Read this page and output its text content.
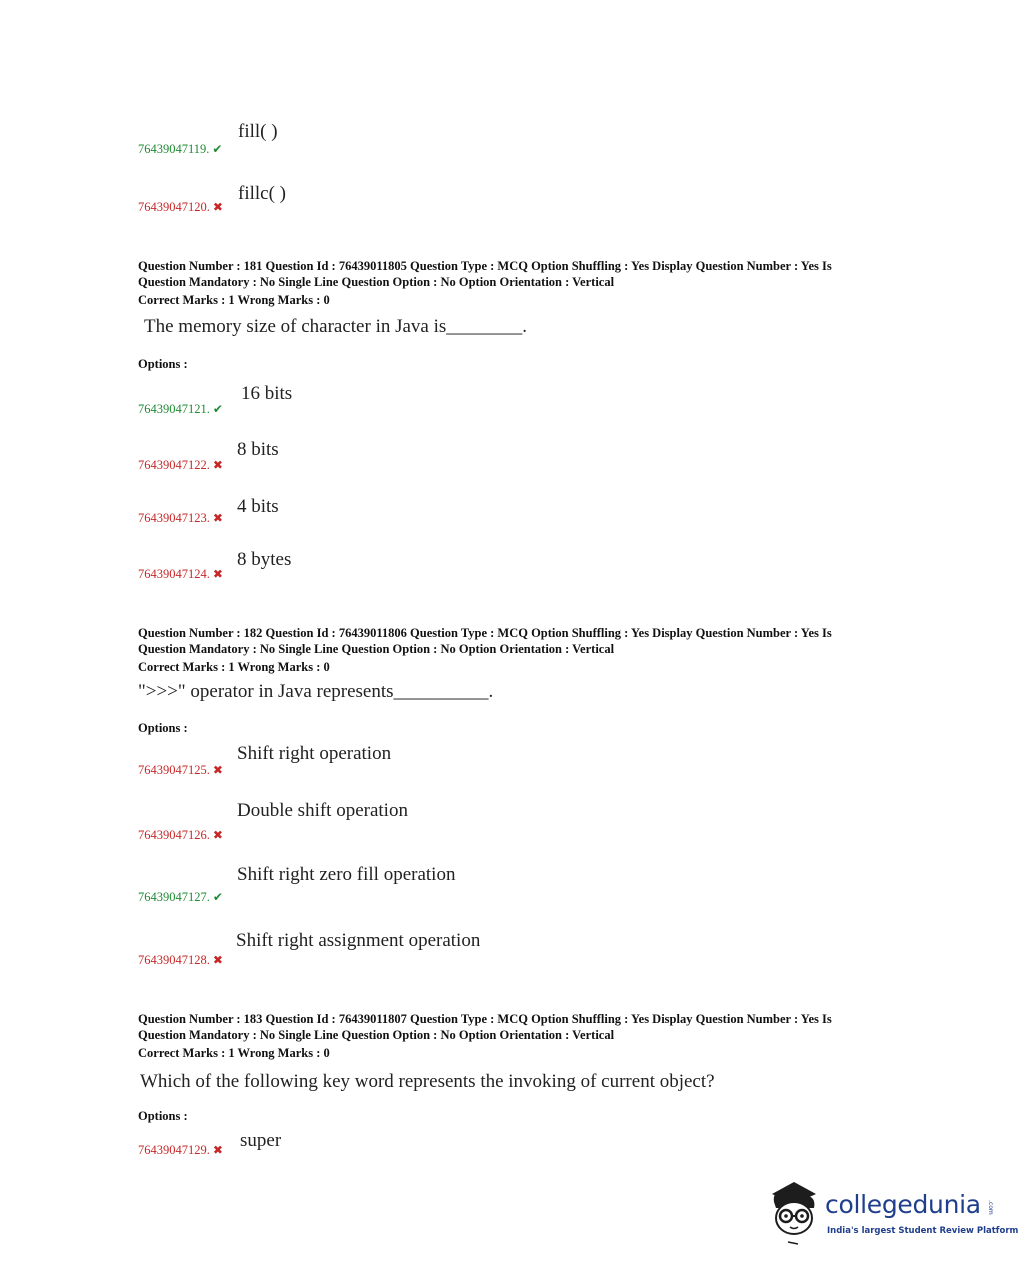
fill( )
76439047119. ✔
fillc( )
76439047120. ✖
Question Number : 181 Question Id : 76439011805 Question Type : MCQ Option Shuffling : Yes Display Question Number : Yes Is
Question Mandatory : No Single Line Question Option : No Option Orientation : Vertical
Correct Marks : 1 Wrong Marks : 0
The memory size of character in Java is________.
Options :
16 bits
76439047121. ✔
8 bits
76439047122. ✖
4 bits
76439047123. ✖
8 bytes
76439047124. ✖
Question Number : 182 Question Id : 76439011806 Question Type : MCQ Option Shuffling : Yes Display Question Number : Yes Is
Question Mandatory : No Single Line Question Option : No Option Orientation : Vertical
Correct Marks : 1 Wrong Marks : 0
">>>" operator in Java represents__________.
Options :
Shift right operation
76439047125. ✖
Double shift operation
76439047126. ✖
Shift right zero fill operation
76439047127. ✔
Shift right assignment operation
76439047128. ✖
Question Number : 183 Question Id : 76439011807 Question Type : MCQ Option Shuffling : Yes Display Question Number : Yes Is
Question Mandatory : No Single Line Question Option : No Option Orientation : Vertical
Correct Marks : 1 Wrong Marks : 0
Which of the following key word represents the invoking of current object?
Options :
super
76439047129. ✖
collegedunia .com
India's largest Student Review Platform
